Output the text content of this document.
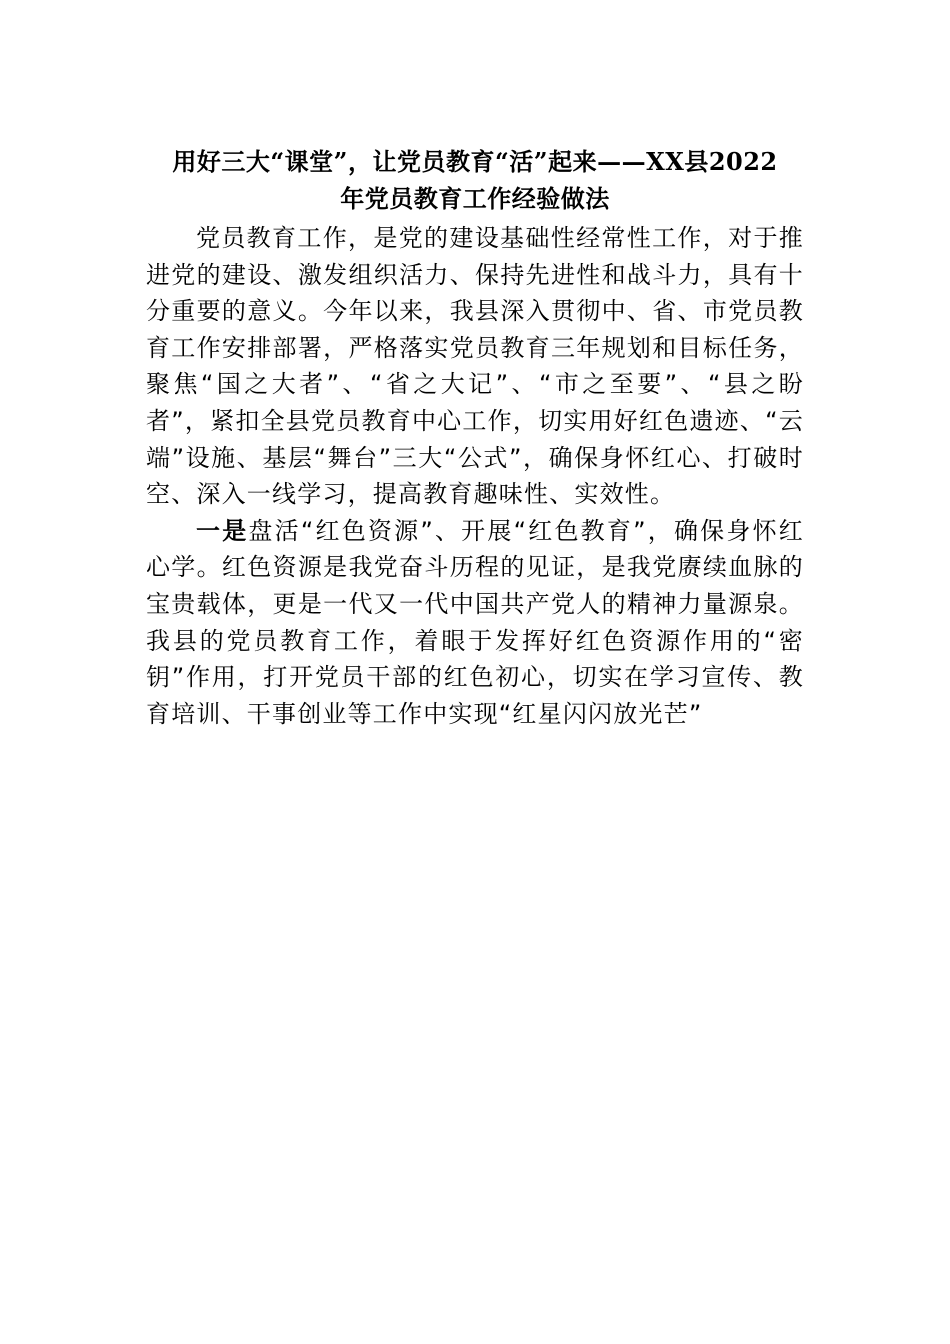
用好三大“课堂”，让党员教育“活”起来——XX县2022
年党员教育工作经验做法

党员教育工作，是党的建设基础性经常性工作，对于推进党的建设、激发组织活力、保持先进性和战斗力，具有十分重要的意义。今年以来，我县深入贯彻中、省、市党员教育工作安排部署，严格落实党员教育三年规划和目标任务，聚焦“国之大者”、“省之大记”、“市之至要”、“县之盼者”，紧扣全县党员教育中心工作，切实用好红色遗迹、“云端”设施、基层“舞台”三大“公式”，确保身怀红心、打破时空、深入一线学习，提高教育趣味性、实效性。

一是盘活“红色资源”、开展“红色教育”，确保身怀红心学。红色资源是我党奋斗历程的见证，是我党赓续血脉的宝贵载体，更是一代又一代中国共产党人的精神力量源泉。我县的党员教育工作，着眼于发挥好红色资源作用的“密钥”作用，打开党员干部的红色初心，切实在学习宣传、教育培训、干事创业等工作中实现“红星闪闪放光芒”
